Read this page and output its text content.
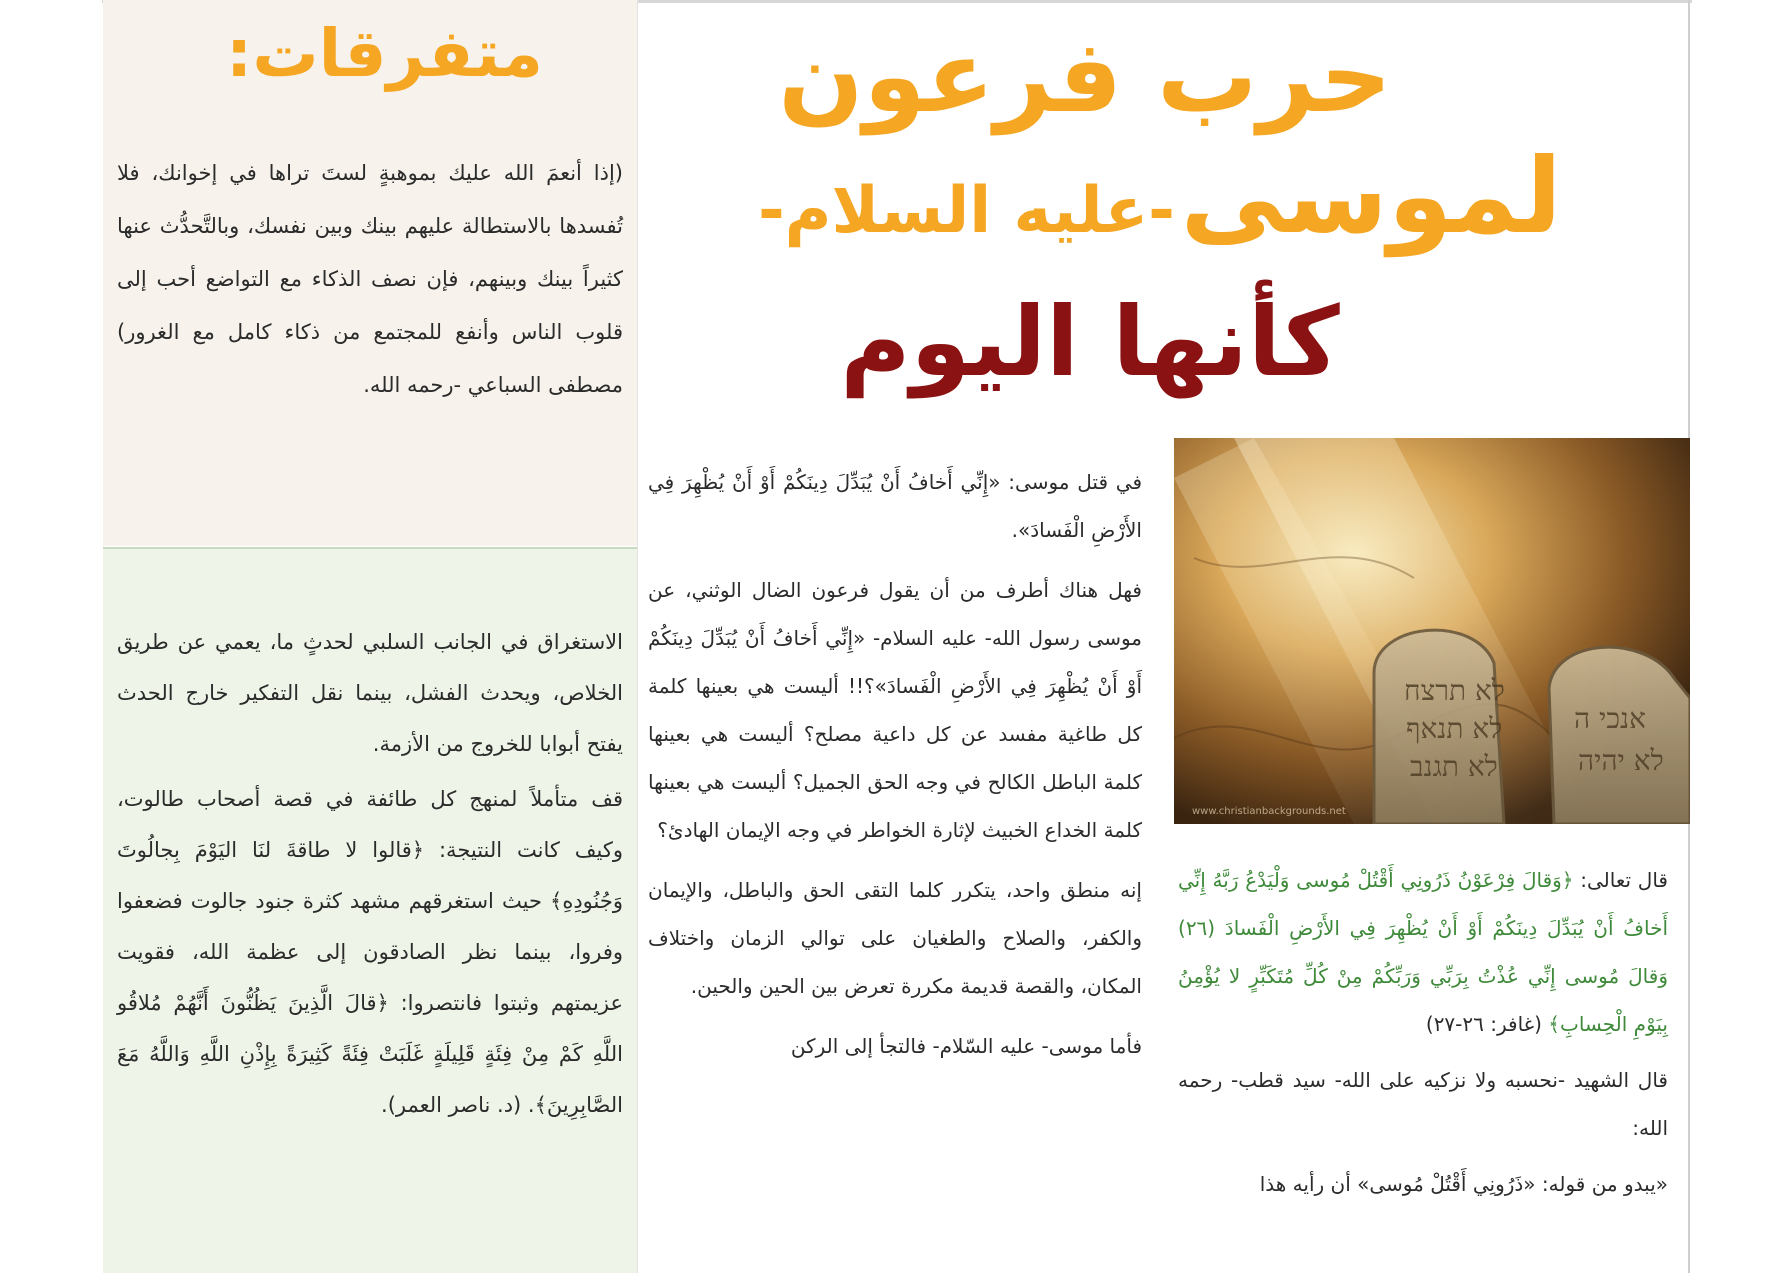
متفرقات:

(إذا أنعمَ الله عليك بموهبةٍ لستَ تراها في إخوانك، فلا تُفسدها بالاستطالة عليهم بينك وبين نفسك، وبالتَّحدُّث عنها كثيراً بينك وبينهم، فإن نصف الذكاء مع التواضع أحب إلى قلوب الناس وأنفع للمجتمع من ذكاء كامل مع الغرور) مصطفى السباعي -رحمه الله.

الاستغراق في الجانب السلبي لحدثٍ ما، يعمي عن طريق الخلاص، ويحدث الفشل، بينما نقل التفكير خارج الحدث يفتح أبوابا للخروج من الأزمة.

قف متأملاً لمنهج كل طائفة في قصة أصحاب طالوت، وكيف كانت النتيجة: ﴿قالوا لا طاقةَ لنَا اليَوْمَ بِجالُوتَ وَجُنُودِهِ﴾ حيث استغرقهم مشهد كثرة جنود جالوت فضعفوا وفروا، بينما نظر الصادقون إلى عظمة الله، فقويت عزيمتهم وثبتوا فانتصروا: ﴿قالَ الَّذِينَ يَظُنُّونَ أَنَّهُمْ مُلاقُو اللَّهِ كَمْ مِنْ فِئَةٍ قَلِيلَةٍ غَلَبَتْ فِئَةً كَثِيرَةً بِإِذْنِ اللَّهِ وَاللَّهُ مَعَ الصَّابِرِينَ﴾. (د. ناصر العمر).

حرب فرعون
لموسى -عليه السلام-
كأنها اليوم
לא תרצח
לא תנאף
לא תגנב
אנכי ה
לא יהיה
www.christianbackgrounds.net

في قتل موسى: «إِنِّي أَخافُ أَنْ يُبَدِّلَ دِينَكُمْ أَوْ أَنْ يُظْهِرَ فِي الأَرْضِ الْفَسادَ».

فهل هناك أطرف من أن يقول فرعون الضال الوثني، عن موسى رسول الله- عليه السلام- «إِنِّي أَخافُ أَنْ يُبَدِّلَ دِينَكُمْ أَوْ أَنْ يُظْهِرَ فِي الأَرْضِ الْفَسادَ»؟!! أليست هي بعينها كلمة كل طاغية مفسد عن كل داعية مصلح؟ أليست هي بعينها كلمة الباطل الكالح في وجه الحق الجميل؟ أليست هي بعينها كلمة الخداع الخبيث لإثارة الخواطر في وجه الإيمان الهادئ؟

إنه منطق واحد، يتكرر كلما التقى الحق والباطل، والإيمان والكفر، والصلاح والطغيان على توالي الزمان واختلاف المكان، والقصة قديمة مكررة تعرض بين الحين والحين.

فأما موسى- عليه السّلام- فالتجأ إلى الركن

قال تعالى: ﴿وَقالَ فِرْعَوْنُ ذَرُونِي أَقْتُلْ مُوسى وَلْيَدْعُ رَبَّهُ إِنِّي أَخافُ أَنْ يُبَدِّلَ دِينَكُمْ أَوْ أَنْ يُظْهِرَ فِي الأَرْضِ الْفَسادَ (٢٦) وَقالَ مُوسى إِنِّي عُذْتُ بِرَبِّي وَرَبِّكُمْ مِنْ كُلِّ مُتَكَبِّرٍ لا يُؤْمِنُ بِيَوْمِ الْحِسابِ﴾ (غافر: ٢٦-٢٧)

قال الشهيد -نحسبه ولا نزكيه على الله- سيد قطب- رحمه الله:

«يبدو من قوله: «ذَرُونِي أَقْتُلْ مُوسى» أن رأيه هذا
